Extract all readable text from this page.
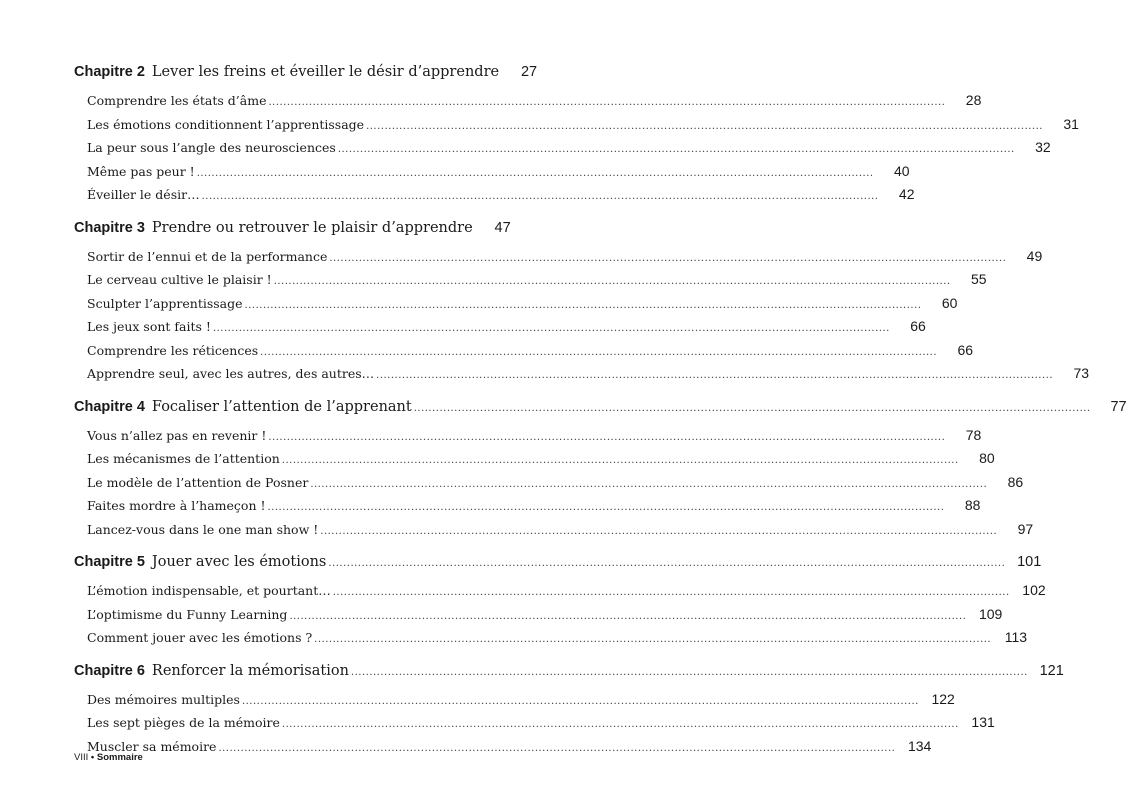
Chapitre 2 Lever les freins et éveiller le désir d’apprendre	27
Comprendre les états d’âme .....	28
Les émotions conditionnent l’apprentissage .....	31
La peur sous l’angle des neurosciences .....	32
Même pas peur ! .....	40
Éveiller le désir… .....	42
Chapitre 3 Prendre ou retrouver le plaisir d’apprendre	47
Sortir de l’ennui et de la performance .....	49
Le cerveau cultive le plaisir ! .....	55
Sculpter l’apprentissage .....	60
Les jeux sont faits ! .....	66
Comprendre les réticences .....	66
Apprendre seul, avec les autres, des autres… .....	73
Chapitre 4 Focaliser l’attention de l’apprenant .....	77
Vous n’allez pas en revenir ! .....	78
Les mécanismes de l’attention .....	80
Le modèle de l’attention de Posner .....	86
Faites mordre à l’hameçon ! .....	88
Lancez-vous dans le one man show ! .....	97
Chapitre 5 Jouer avec les émotions .....	101
L’émotion indispensable, et pourtant… .....	102
L’optimisme du Funny Learning .....	109
Comment jouer avec les émotions ? .....	113
Chapitre 6 Renforcer la mémorisation .....	121
Des mémoires multiples .....	122
Les sept pièges de la mémoire .....	131
Muscler sa mémoire .....	134
VIII • Sommaire
